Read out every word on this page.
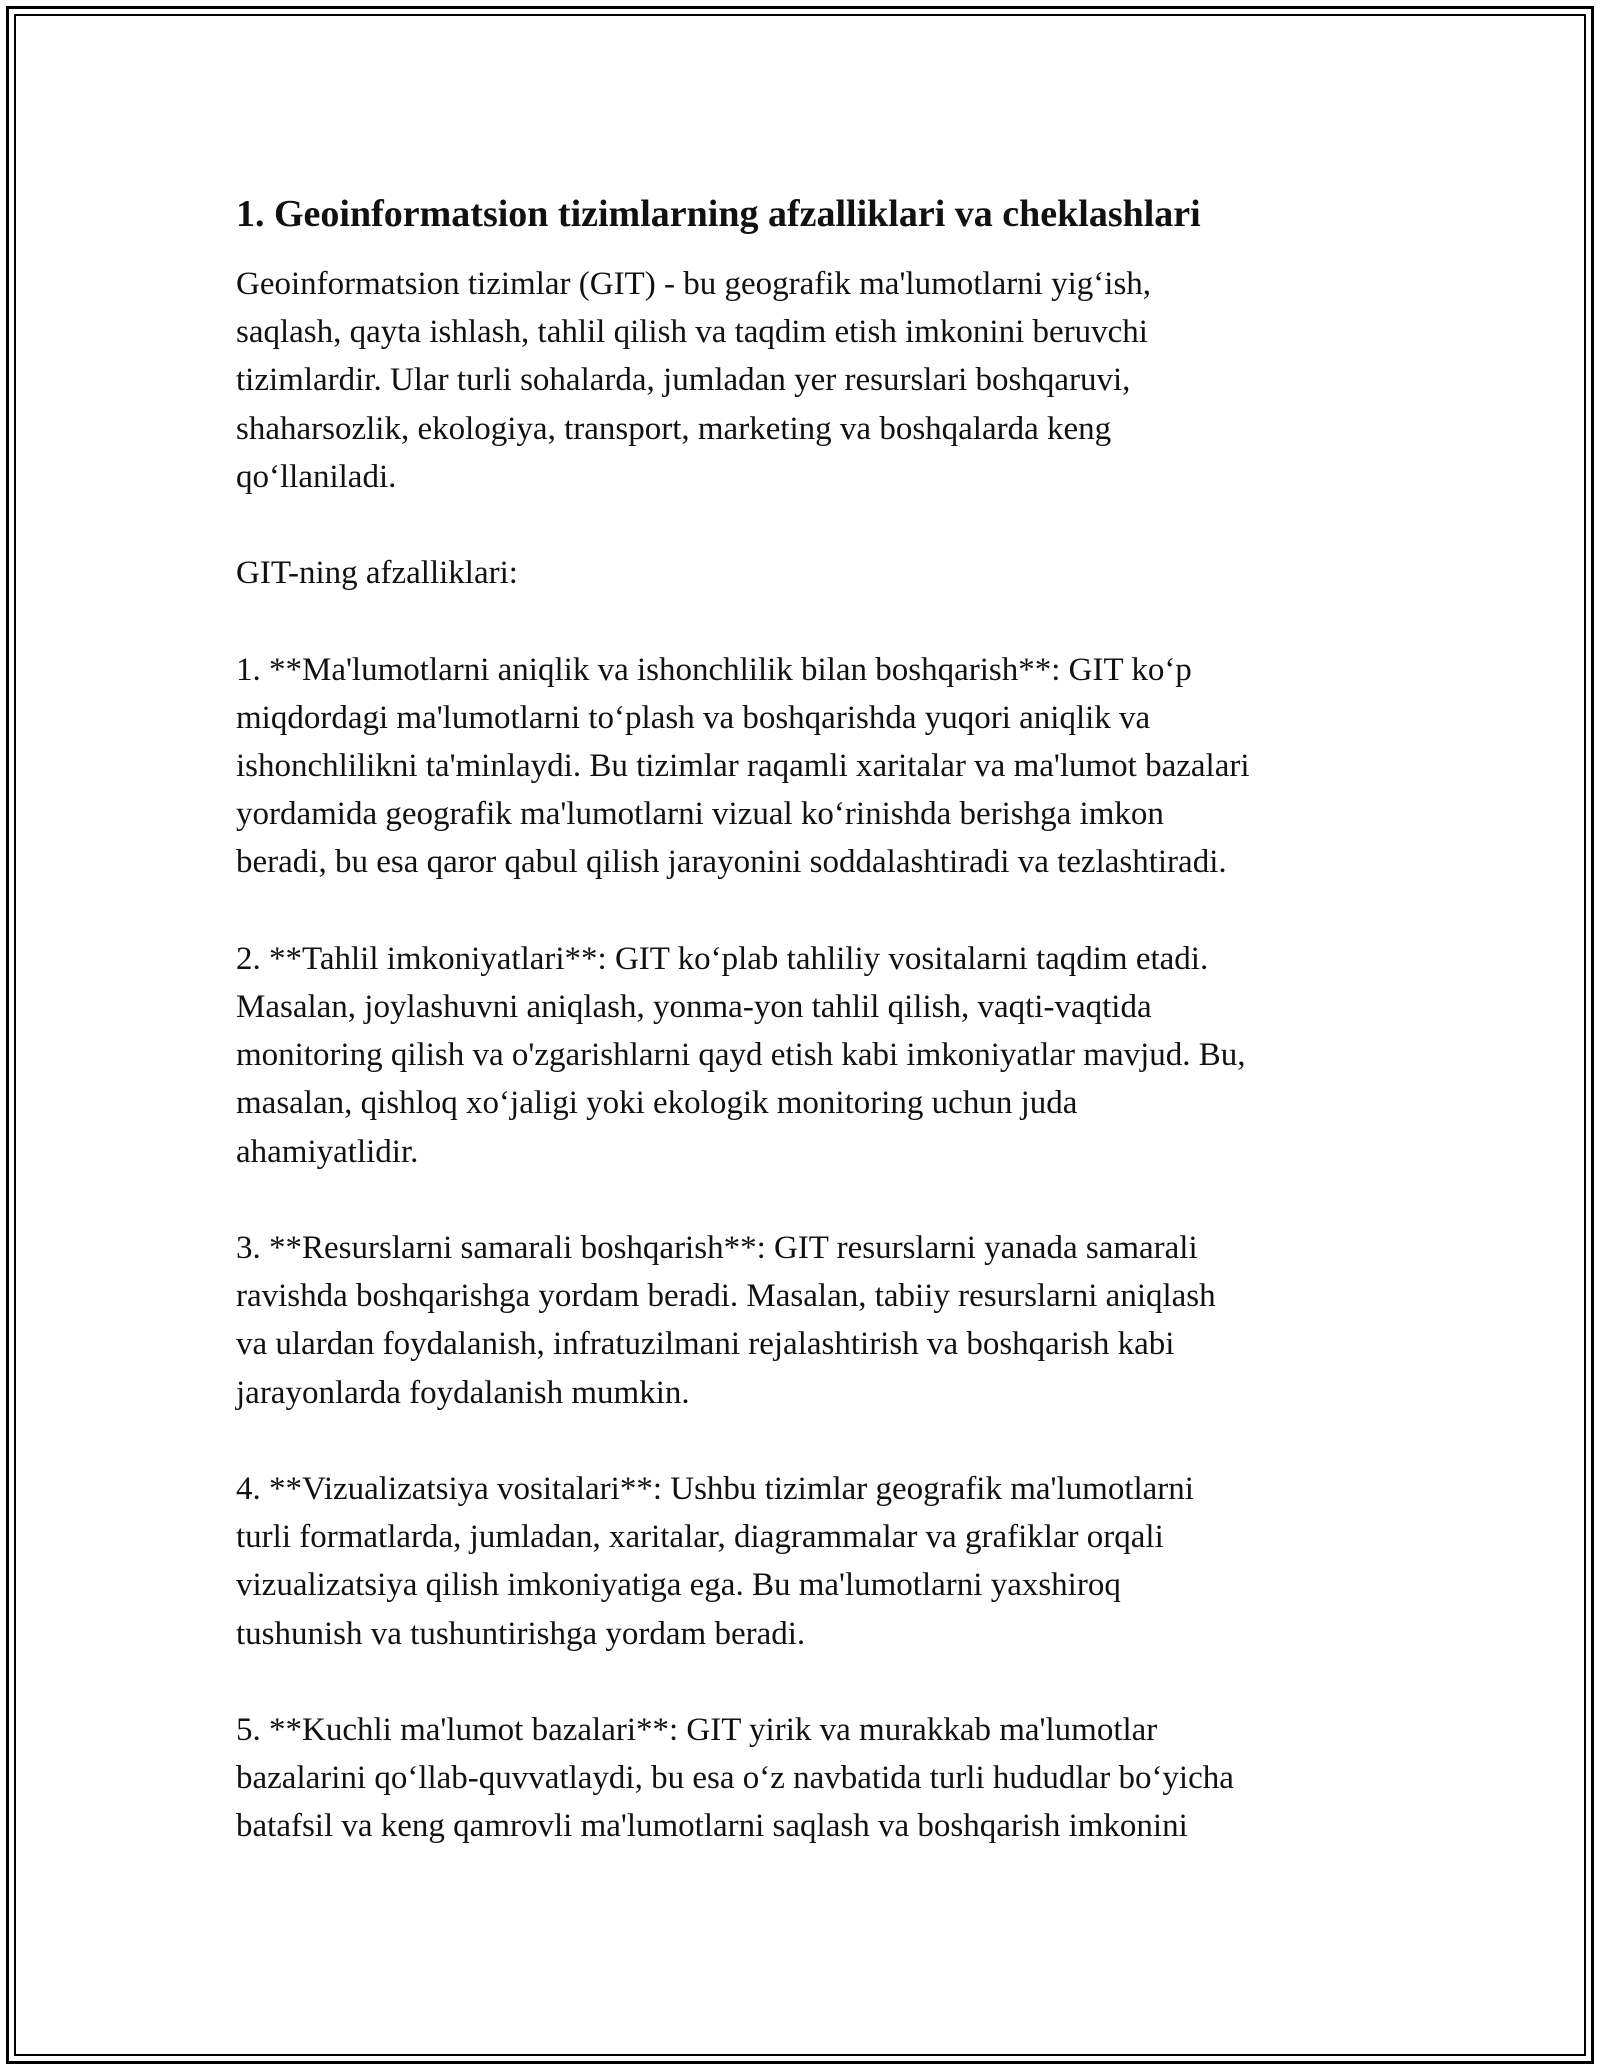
1. Geoinformatsion tizimlarning afzalliklari va cheklashlari
Geoinformatsion tizimlar (GIT) - bu geografik ma'lumotlarni yig‘ish,
saqlash, qayta ishlash, tahlil qilish va taqdim etish imkonini beruvchi
tizimlardir. Ular turli sohalarda, jumladan yer resurslari boshqaruvi,
shaharsozlik, ekologiya, transport, marketing va boshqalarda keng
qo‘llaniladi.
GIT-ning afzalliklari:
1. **Ma'lumotlarni aniqlik va ishonchlilik bilan boshqarish**: GIT ko‘p
miqdordagi ma'lumotlarni to‘plash va boshqarishda yuqori aniqlik va
ishonchlilikni ta'minlaydi. Bu tizimlar raqamli xaritalar va ma'lumot bazalari
yordamida geografik ma'lumotlarni vizual ko‘rinishda berishga imkon
beradi, bu esa qaror qabul qilish jarayonini soddalashtiradi va tezlashtiradi.
2. **Tahlil imkoniyatlari**: GIT ko‘plab tahliliy vositalarni taqdim etadi.
Masalan, joylashuvni aniqlash, yonma-yon tahlil qilish, vaqti-vaqtida
monitoring qilish va o'zgarishlarni qayd etish kabi imkoniyatlar mavjud. Bu,
masalan, qishloq xo‘jaligi yoki ekologik monitoring uchun juda
ahamiyatlidir.
3. **Resurslarni samarali boshqarish**: GIT resurslarni yanada samarali
ravishda boshqarishga yordam beradi. Masalan, tabiiy resurslarni aniqlash
va ulardan foydalanish, infratuzilmani rejalashtirish va boshqarish kabi
jarayonlarda foydalanish mumkin.
4. **Vizualizatsiya vositalari**: Ushbu tizimlar geografik ma'lumotlarni
turli formatlarda, jumladan, xaritalar, diagrammalar va grafiklar orqali
vizualizatsiya qilish imkoniyatiga ega. Bu ma'lumotlarni yaxshiroq
tushunish va tushuntirishga yordam beradi.
5. **Kuchli ma'lumot bazalari**: GIT yirik va murakkab ma'lumotlar
bazalarini qo‘llab-quvvatlaydi, bu esa o‘z navbatida turli hududlar bo‘yicha
batafsil va keng qamrovli ma'lumotlarni saqlash va boshqarish imkonini
